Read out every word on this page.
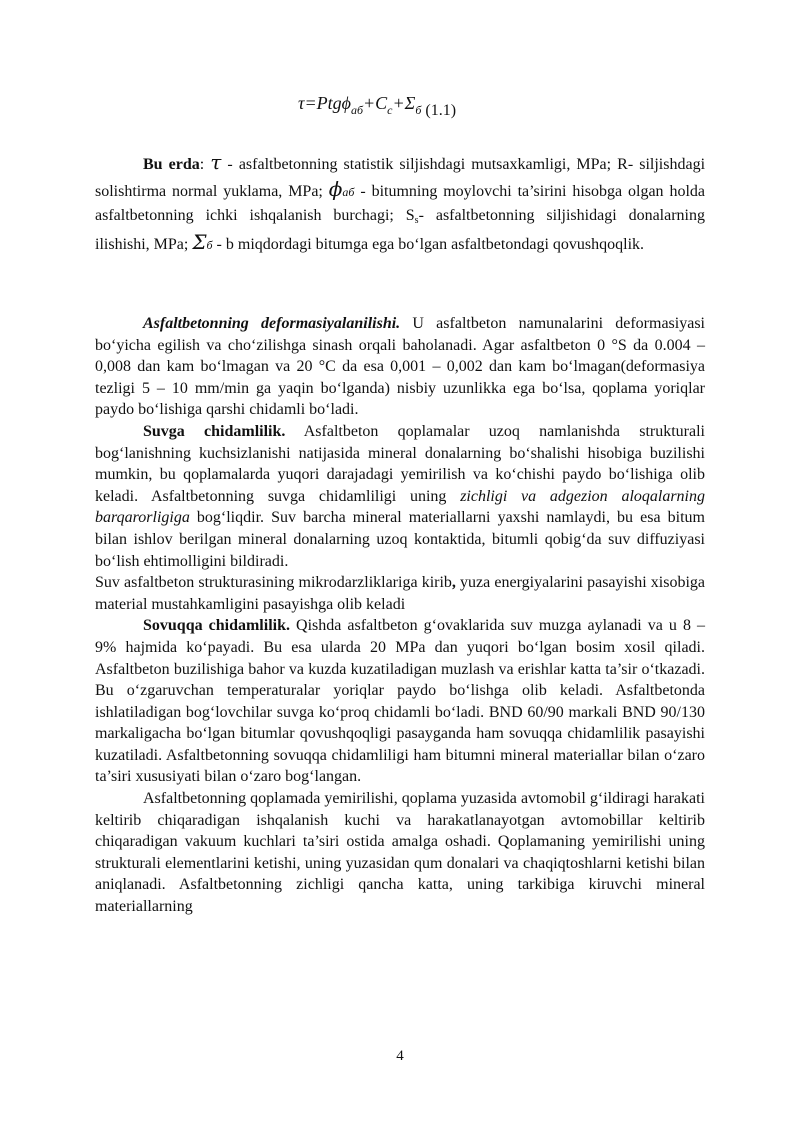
$\tau=Ptg\phi_{аб}+C_c+\Sigma_б$ (1.1)

Bu erda: τ - asfaltbetonning statistik siljishdagi mutsaxkamligi, MPa; R- siljishdagi solishtirma normal yuklama, MPa; ϕаб - bitumning moylovchi ta’sirini hisobga olgan holda asfaltbetonning ichki ishqalanish burchagi; Ss- asfaltbetonning siljishidagi donalarning ilishishi, MPa; Σб - b miqdordagi bitumga ega bo‘lgan asfaltbetondagi qovushqoqlik.

Asfaltbetonning deformasiyalanilishi. U asfaltbeton namunalarini deformasiyasi bo‘yicha egilish va cho‘zilishga sinash orqali baholanadi. Agar asfaltbeton 0 °S da 0.004 – 0,008 dan kam bo‘lmagan va 20 °C da esa 0,001 – 0,002 dan kam bo‘lmagan(deformasiya tezligi 5 – 10 mm/min ga yaqin bo‘lganda) nisbiy uzunlikka ega bo‘lsa, qoplama yoriqlar paydo bo‘lishiga qarshi chidamli bo‘ladi.

Suvga chidamlilik. Asfaltbeton qoplamalar uzoq namlanishda strukturali bog‘lanishning kuchsizlanishi natijasida mineral donalarning bo‘shalishi hisobiga buzilishi mumkin, bu qoplamalarda yuqori darajadagi yemirilish va ko‘chishi paydo bo‘lishiga olib keladi. Asfaltbetonning suvga chidamliligi uning zichligi va adgezion aloqalarning barqarorligiga bog‘liqdir. Suv barcha mineral materiallarni yaxshi namlaydi, bu esa bitum bilan ishlov berilgan mineral donalarning uzoq kontaktida, bitumli qobig‘da suv diffuziyasi bo‘lish ehtimolligini bildiradi.

Suv asfaltbeton strukturasining mikrodarzliklariga kirib, yuza energiyalarini pasayishi xisobiga material mustahkamligini pasayishga olib keladi

Sovuqqa chidamlilik. Qishda asfaltbeton g‘ovaklarida suv muzga aylanadi va u 8 – 9% hajmida ko‘payadi. Bu esa ularda 20 MPa dan yuqori bo‘lgan bosim xosil qiladi. Asfaltbeton buzilishiga bahor va kuzda kuzatiladigan muzlash va erishlar katta ta’sir o‘tkazadi. Bu o‘zgaruvchan temperaturalar yoriqlar paydo bo‘lishga olib keladi. Asfaltbetonda ishlatiladigan bog‘lovchilar suvga ko‘proq chidamli bo‘ladi. BND 60/90 markali BND 90/130 markaligacha bo‘lgan bitumlar qovushqoqligi pasayganda ham sovuqqa chidamlilik pasayishi kuzatiladi. Asfaltbetonning sovuqqa chidamliligi ham bitumni mineral materiallar bilan o‘zaro ta’siri xususiyati bilan o‘zaro bog‘langan.

Asfaltbetonning qoplamada yemirilishi, qoplama yuzasida avtomobil g‘ildiragi harakati keltirib chiqaradigan ishqalanish kuchi va harakatlanayotgan avtomobillar keltirib chiqaradigan vakuum kuchlari ta’siri ostida amalga oshadi. Qoplamaning yemirilishi uning strukturali elementlarini ketishi, uning yuzasidan qum donalari va chaqiqtoshlarni ketishi bilan aniqlanadi. Asfaltbetonning zichligi qancha katta, uning tarkibiga kiruvchi mineral materiallarning

4
